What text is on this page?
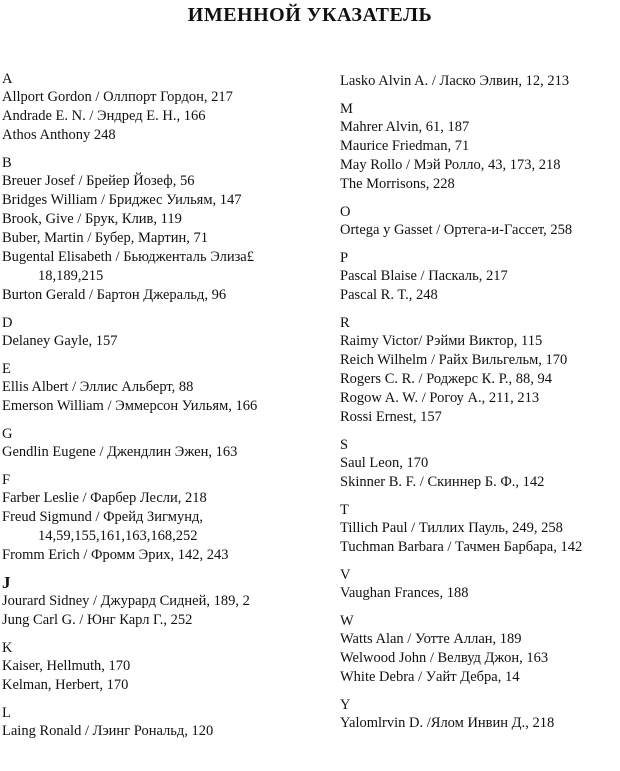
ИМЕННОЙ УКАЗАТЕЛЬ
A
Allport Gordon / Оллпорт Гордон, 217
Andrade E. N. / Эндред Е. Н., 166
Athos Anthony 248
B
Breuer Josef / Брейер Йозеф, 56
Bridges William / Бриджес Уильям, 147
Brook, Give / Брук, Клив, 119
Buber, Martin / Бубер, Мартин, 71
Bugental Elisabeth / Бьюдженталь Элиза£
18,189,215
Burton Gerald / Бартон Джеральд, 96
D
Delaney Gayle, 157
E
Ellis Albert / Эллис Альберт, 88
Emerson William / Эммерсон Уильям, 166
G
Gendlin Eugene / Джендлин Эжен, 163
F
Farber Leslie / Фарбер Лесли, 218
Freud Sigmund / Фрейд Зигмунд,
14,59,155,161,163,168,252
Fromm Erich / Фромм Эрих, 142, 243
J
Jourard Sidney / Джурард Сидней, 189, 2
Jung Carl G. / Юнг Карл Г., 252
K
Kaiser, Hellmuth, 170
Kelman, Herbert, 170
L
Laing Ronald / Лэинг Рональд, 120
Lasko Alvin A. / Ласко Элвин, 12, 213
M
Mahrer Alvin, 61, 187
Maurice Friedman, 71
May Rollo / Мэй Ролло, 43, 173, 218
The Morrisons, 228
O
Ortega y Gasset / Ортега-и-Гассет, 258
P
Pascal Blaise / Паскаль, 217
Pascal R. T., 248
R
Raimy Victor/ Рэйми Виктор, 115
Reich Wilhelm / Райх Вильгельм, 170
Rogers C. R. / Роджерс К. Р., 88, 94
Rogow A. W. / Рогоу А., 211, 213
Rossi Ernest, 157
S
Saul Leon, 170
Skinner B. F. / Скиннер Б. Ф., 142
T
Tillich Paul / Тиллих Пауль, 249, 258
Tuchman Barbara / Тачмен Барбара, 142
V
Vaughan Frances, 188
W
Watts Alan / Уотте Аллан, 189
Welwood John / Велвуд Джон, 163
White Debra / Уайт Дебра, 14
Y
Yalomlrvin D. /Ялом Инвин Д., 218
